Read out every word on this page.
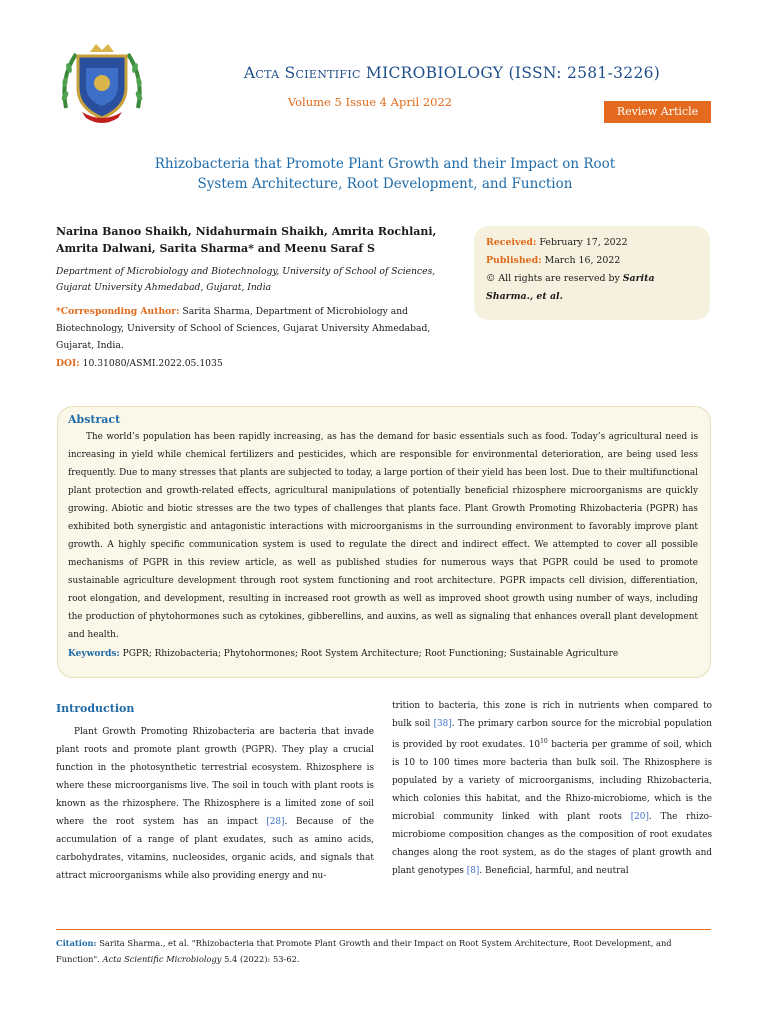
Acta Scientific MICROBIOLOGY (ISSN: 2581-3226)
Volume 5 Issue 4 April 2022
Review Article
Rhizobacteria that Promote Plant Growth and their Impact on Root
System Architecture, Root Development, and Function
Narina Banoo Shaikh, Nidahurmain Shaikh, Amrita Rochlani, Amrita Dalwani, Sarita Sharma* and Meenu Saraf S
Department of Microbiology and Biotechnology, University of School of Sciences, Gujarat University Ahmedabad, Gujarat, India
*Corresponding Author: Sarita Sharma, Department of Microbiology and Biotechnology, University of School of Sciences, Gujarat University Ahmedabad, Gujarat, India.
DOI: 10.31080/ASMI.2022.05.1035
Received: February 17, 2022
Published: March 16, 2022
© All rights are reserved by Sarita Sharma., et al.
Abstract

The world’s population has been rapidly increasing, as has the demand for basic essentials such as food. Today’s agricultural need is increasing in yield while chemical fertilizers and pesticides, which are responsible for environmental deterioration, are being used less frequently. Due to many stresses that plants are subjected to today, a large portion of their yield has been lost. Due to their multifunctional plant protection and growth-related effects, agricultural manipulations of potentially beneficial rhizosphere microorganisms are quickly growing. Abiotic and biotic stresses are the two types of challenges that plants face. Plant Growth Promoting Rhizobacteria (PGPR) has exhibited both synergistic and antagonistic interactions with microorganisms in the surrounding environment to favorably improve plant growth. A highly specific communication system is used to regulate the direct and indirect effect. We attempted to cover all possible mechanisms of PGPR in this review article, as well as published studies for numerous ways that PGPR could be used to promote sustainable agriculture development through root system functioning and root architecture. PGPR impacts cell division, differentiation, root elongation, and development, resulting in increased root growth as well as improved shoot growth using number of ways, including the production of phytohormones such as cytokines, gibberellins, and auxins, as well as signaling that enhances overall plant development and health.

Keywords: PGPR; Rhizobacteria; Phytohormones; Root System Architecture; Root Functioning; Sustainable Agriculture
Introduction

Plant Growth Promoting Rhizobacteria are bacteria that invade plant roots and promote plant growth (PGPR). They play a crucial function in the photosynthetic terrestrial ecosystem. Rhizosphere is where these microorganisms live. The soil in touch with plant roots is known as the rhizosphere. The Rhizosphere is a limited zone of soil where the root system has an impact [28]. Because of the accumulation of a range of plant exudates, such as amino acids, carbohydrates, vitamins, nucleosides, organic acids, and signals that attract microorganisms while also providing energy and nu-

trition to bacteria, this zone is rich in nutrients when compared to bulk soil [38]. The primary carbon source for the microbial population is provided by root exudates. $10^{10}$ bacteria per gramme of soil, which is 10 to 100 times more bacteria than bulk soil. The Rhizosphere is populated by a variety of microorganisms, including Rhizobacteria, which colonies this habitat, and the Rhizo-microbiome, which is the microbial community linked with plant roots [20]. The rhizo-microbiome composition changes as the composition of root exudates changes along the root system, as do the stages of plant growth and plant genotypes [8]. Beneficial, harmful, and neutral

Citation: Sarita Sharma., et al. "Rhizobacteria that Promote Plant Growth and their Impact on Root System Architecture, Root Development, and Function". Acta Scientific Microbiology 5.4 (2022): 53-62.
